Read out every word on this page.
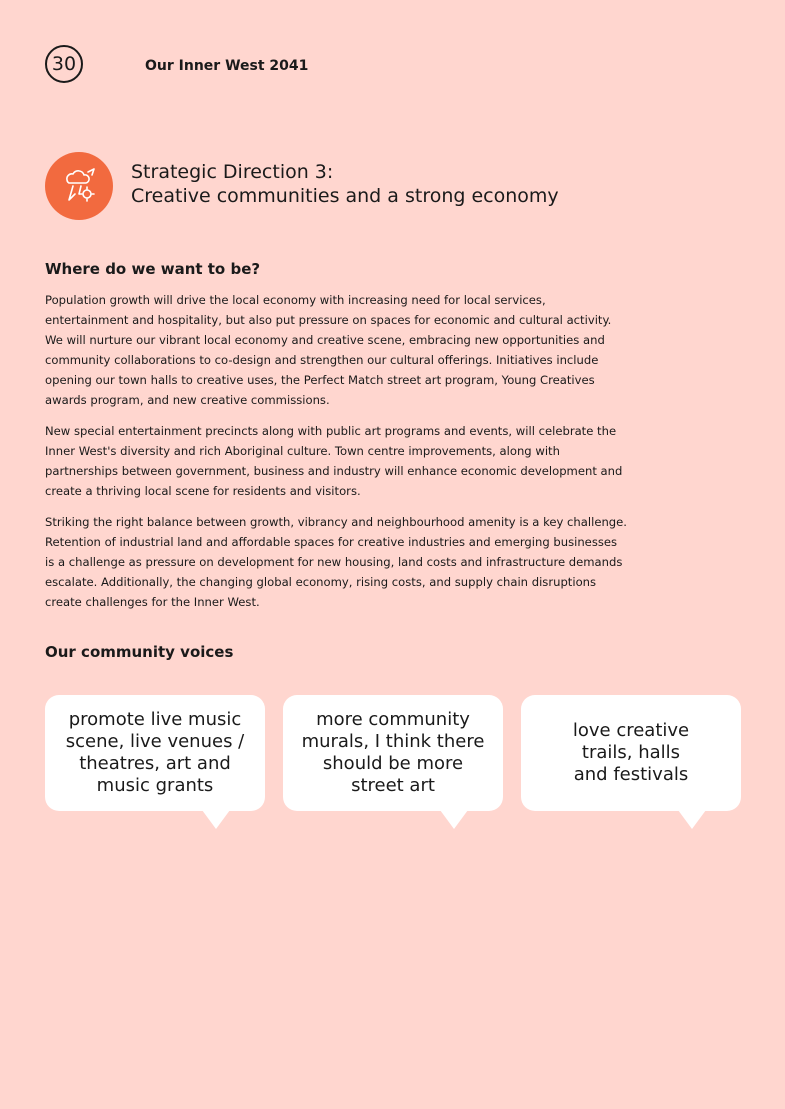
30	Our Inner West 2041
Strategic Direction 3:
Creative communities and a strong economy
Where do we want to be?

Population growth will drive the local economy with increasing need for local services, entertainment and hospitality, but also put pressure on spaces for economic and cultural activity. We will nurture our vibrant local economy and creative scene, embracing new opportunities and community collaborations to co-design and strengthen our cultural offerings. Initiatives include opening our town halls to creative uses, the Perfect Match street art program, Young Creatives awards program, and new creative commissions.

New special entertainment precincts along with public art programs and events, will celebrate the Inner West's diversity and rich Aboriginal culture. Town centre improvements, along with partnerships between government, business and industry will enhance economic development and create a thriving local scene for residents and visitors.

Striking the right balance between growth, vibrancy and neighbourhood amenity is a key challenge. Retention of industrial land and affordable spaces for creative industries and emerging businesses is a challenge as pressure on development for new housing, land costs and infrastructure demands escalate. Additionally, the changing global economy, rising costs, and supply chain disruptions create challenges for the Inner West.

Our community voices
promote live music
scene, live venues /
theatres, art and
music grants
more community
murals, I think there
should be more
street art
love creative
trails, halls
and festivals
